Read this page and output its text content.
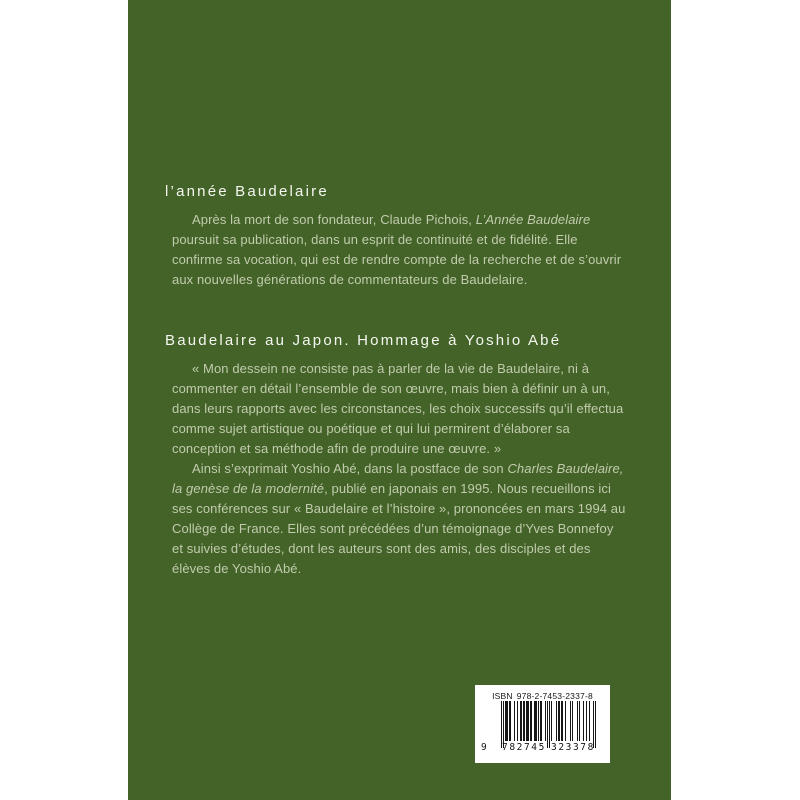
l’année Baudelaire

Après la mort de son fondateur, Claude Pichois, L’Année Baudelaire poursuit sa publication, dans un esprit de continuité et de fidélité. Elle confirme sa vocation, qui est de rendre compte de la recherche et de s’ouvrir aux nouvelles générations de commentateurs de Baudelaire.

Baudelaire au Japon. Hommage à Yoshio Abé

« Mon dessein ne consiste pas à parler de la vie de Baudelaire, ni à commenter en détail l’ensemble de son œuvre, mais bien à définir un à un, dans leurs rapports avec les circonstances, les choix successifs qu’il effectua comme sujet artistique ou poétique et qui lui permirent d’élaborer sa conception et sa méthode afin de produire une œuvre. »

Ainsi s’exprimait Yoshio Abé, dans la postface de son Charles Baudelaire, la genèse de la modernité, publié en japonais en 1995. Nous recueillons ici ses conférences sur « Baudelaire et l’histoire », prononcées en mars 1994 au Collège de France. Elles sont précédées d’un témoignage d’Yves Bonnefoy et suivies d’études, dont les auteurs sont des amis, des disciples et des élèves de Yoshio Abé.

ISBN 978-2-7453-2337-8
9 782745 323378
